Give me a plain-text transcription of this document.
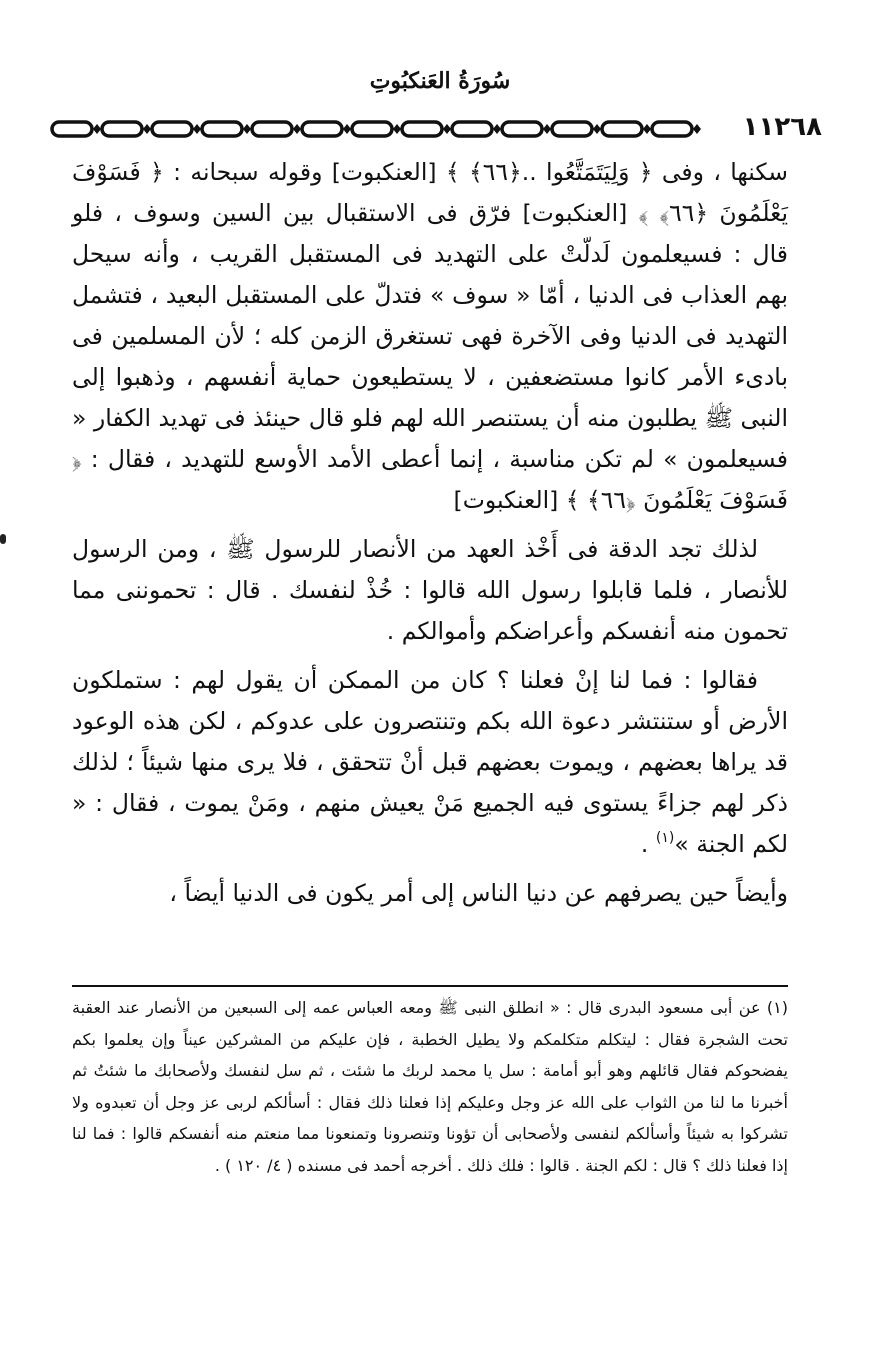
سُورَةُ العَنكبُوتِ
١١٢٦٨

سكنها ، وفى ﴿ وَلِيَتَمَتَّعُوا ..﴿٦٦﴾ ﴾ [العنكبوت] وقوله سبحانه : ﴿ فَسَوْفَ يَعْلَمُونَ ﴿٦٦﴾ ﴾ [العنكبوت] فرّق فى الاستقبال بين السين وسوف ، فلو قال : فسيعلمون لَدلّتْ على التهديد فى المستقبل القريب ، وأنه سيحل بهم العذاب فى الدنيا ، أمّا « سوف » فتدلّ على المستقبل البعيد ، فتشمل التهديد فى الدنيا وفى الآخرة فهى تستغرق الزمن كله ؛ لأن المسلمين فى بادىء الأمر كانوا مستضعفين ، لا يستطيعون حماية أنفسهم ، وذهبوا إلى النبى ﷺ يطلبون منه أن يستنصر الله لهم فلو قال حينئذ فى تهديد الكفار « فسيعلمون » لم تكن مناسبة ، إنما أعطى الأمد الأوسع للتهديد ، فقال : ﴿ فَسَوْفَ يَعْلَمُونَ ﴿٦٦﴾ ﴾ [العنكبوت]

لذلك تجد الدقة فى أَخْذ العهد من الأنصار للرسول ﷺ ، ومن الرسول للأنصار ، فلما قابلوا رسول الله قالوا : خُذْ لنفسك . قال : تحموننى مما تحمون منه أنفسكم وأعراضكم وأموالكم .

فقالوا : فما لنا إنْ فعلنا ؟ كان من الممكن أن يقول لهم : ستملكون الأرض أو ستنتشر دعوة الله بكم وتنتصرون على عدوكم ، لكن هذه الوعود قد يراها بعضهم ، ويموت بعضهم قبل أنْ تتحقق ، فلا يرى منها شيئاً ؛ لذلك ذكر لهم جزاءً يستوى فيه الجميع مَنْ يعيش منهم ، ومَنْ يموت ، فقال : « لكم الجنة »$^{(١)}$ .

وأيضاً حين يصرفهم عن دنيا الناس إلى أمر يكون فى الدنيا أيضاً ،

(١) عن أبى مسعود البدرى قال : « انطلق النبى ﷺ ومعه العباس عمه إلى السبعين من الأنصار عند العقبة تحت الشجرة فقال : ليتكلم متكلمكم ولا يطيل الخطبة ، فإن عليكم من المشركين عيناً وإن يعلموا بكم يفضحوكم فقال قائلهم وهو أبو أمامة : سل يا محمد لربك ما شئت ، ثم سل لنفسك ولأصحابك ما شئتُ ثم أخبرنا ما لنا من الثواب على الله عز وجل وعليكم إذا فعلنا ذلك فقال : أسألكم لربى عز وجل أن تعبدوه ولا تشركوا به شيئاً وأسألكم لنفسى ولأصحابى أن تؤونا وتنصرونا وتمنعونا مما منعتم منه أنفسكم قالوا : فما لنا إذا فعلنا ذلك ؟ قال : لكم الجنة . قالوا : فلك ذلك . أخرجه أحمد فى مسنده ( ٤/ ١٢٠ ) .
